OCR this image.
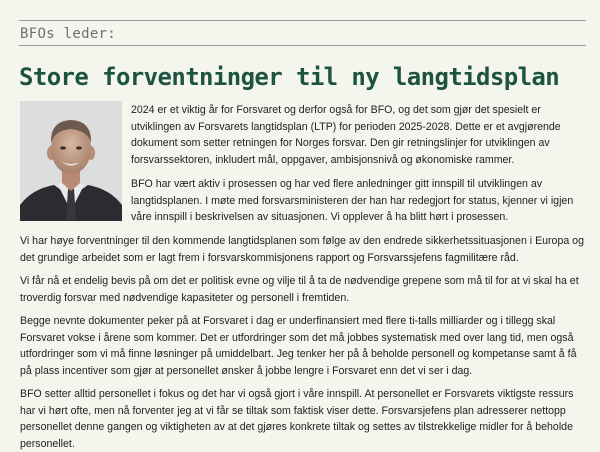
BFOs leder:
Store forventninger til ny langtidsplan

2024 er et viktig år for Forsvaret og derfor også for BFO, og det som gjør det spesielt er utviklingen av Forsvarets langtidsplan (LTP) for perioden 2025-2028. Dette er et avgjørende dokument som setter retningen for Norges forsvar. Den gir retningslinjer for utviklingen av forsvarssektoren, inkludert mål, oppgaver, ambisjonsnivå og økonomiske rammer.

BFO har vært aktiv i prosessen og har ved flere anledninger gitt innspill til utviklingen av langtidsplanen. I møte med forsvarsministeren der han har redegjort for status, kjenner vi igjen våre innspill i beskrivelsen av situasjonen. Vi opplever å ha blitt hørt i prosessen.

Vi har høye forventninger til den kommende langtidsplanen som følge av den endrede sikkerhetssituasjonen i Europa og det grundige arbeidet som er lagt frem i forsvarskommisjonens rapport og Forsvarssjefens fagmilitære råd.

Vi får nå et endelig bevis på om det er politisk evne og vilje til å ta de nødvendige grepene som må til for at vi skal ha et troverdig forsvar med nødvendige kapasiteter og personell i fremtiden.

Begge nevnte dokumenter peker på at Forsvaret i dag er underfinansiert med flere ti-talls milliarder og i tillegg skal Forsvaret vokse i årene som kommer. Det er utfordringer som det må jobbes systematisk med over lang tid, men også utfordringer som vi må finne løsninger på umiddelbart. Jeg tenker her på å beholde personell og kompetanse samt å få på plass incentiver som gjør at personellet ønsker å jobbe lengre i Forsvaret enn det vi ser i dag.

BFO setter alltid personellet i fokus og det har vi også gjort i våre innspill. At personellet er Forsvarets viktigste ressurs har vi hørt ofte, men nå forventer jeg at vi får se tiltak som faktisk viser dette. Forsvarsjefens plan adresserer nettopp personellet denne gangen og viktigheten av at det gjøres konkrete tiltak og settes av tilstrekkelige midler for å beholde personellet.
